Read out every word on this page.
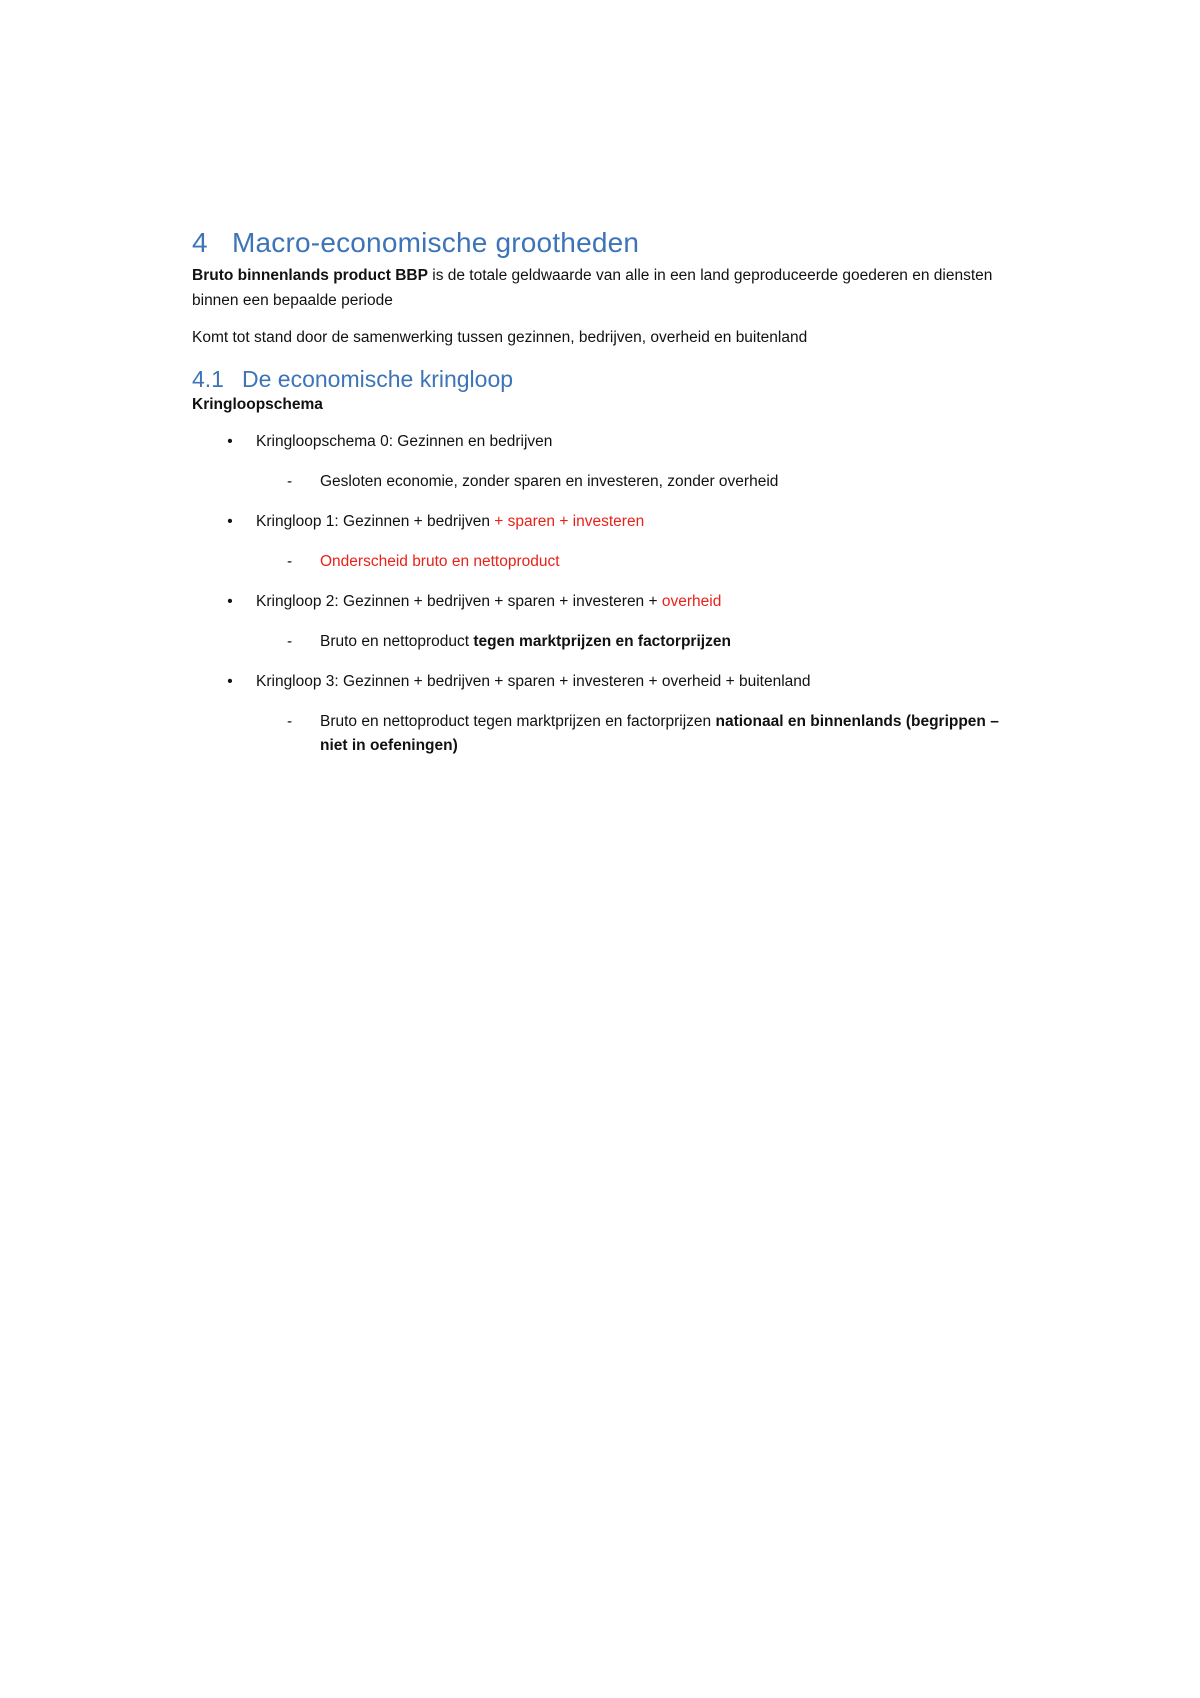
4 Macro-economische grootheden

Bruto binnenlands product BBP is de totale geldwaarde van alle in een land geproduceerde goederen en diensten binnen een bepaalde periode

Komt tot stand door de samenwerking tussen gezinnen, bedrijven, overheid en buitenland

4.1 De economische kringloop

Kringloopschema

• Kringloopschema 0: Gezinnen en bedrijven
- Gesloten economie, zonder sparen en investeren, zonder overheid
• Kringloop 1: Gezinnen + bedrijven + sparen + investeren
- Onderscheid bruto en nettoproduct
• Kringloop 2: Gezinnen + bedrijven + sparen + investeren + overheid
- Bruto en nettoproduct tegen marktprijzen en factorprijzen
• Kringloop 3: Gezinnen + bedrijven + sparen + investeren + overheid + buitenland
- Bruto en nettoproduct tegen marktprijzen en factorprijzen nationaal en binnenlands (begrippen – niet in oefeningen)
